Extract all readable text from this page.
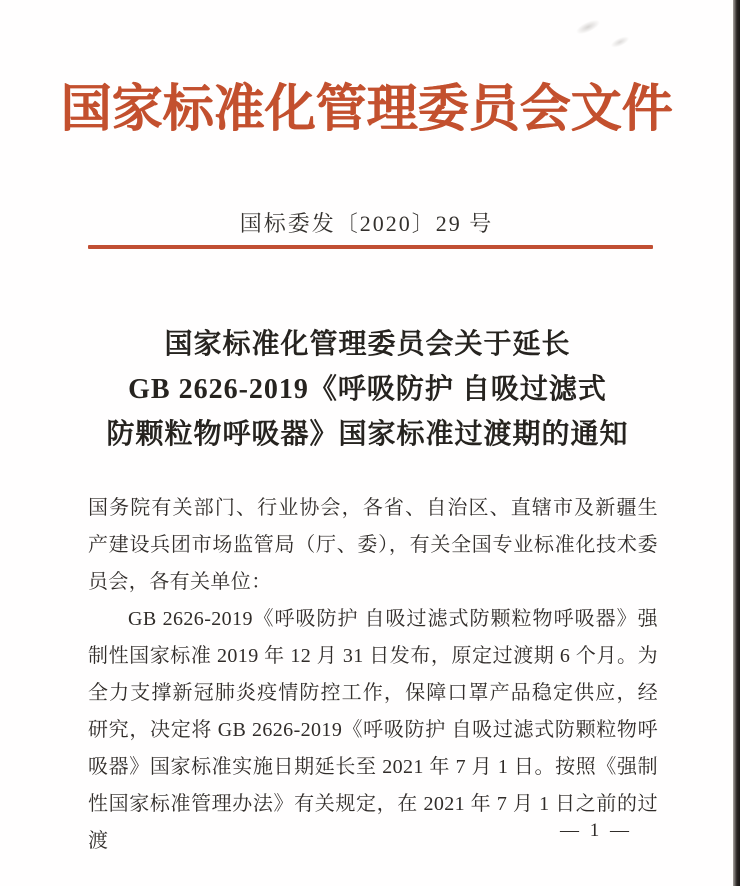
国家标准化管理委员会文件
国标委发〔2020〕29 号
国家标准化管理委员会关于延长
GB 2626-2019《呼吸防护 自吸过滤式
防颗粒物呼吸器》国家标准过渡期的通知

国务院有关部门、行业协会，各省、自治区、直辖市及新疆生产建设兵团市场监管局（厅、委），有关全国专业标准化技术委员会，各有关单位：

GB 2626-2019《呼吸防护 自吸过滤式防颗粒物呼吸器》强制性国家标准 2019 年 12 月 31 日发布，原定过渡期 6 个月。为全力支撑新冠肺炎疫情防控工作，保障口罩产品稳定供应，经研究，决定将 GB 2626-2019《呼吸防护 自吸过滤式防颗粒物呼吸器》国家标准实施日期延长至 2021 年 7 月 1 日。按照《强制性国家标准管理办法》有关规定，在 2021 年 7 月 1 日之前的过渡	— 1 —
